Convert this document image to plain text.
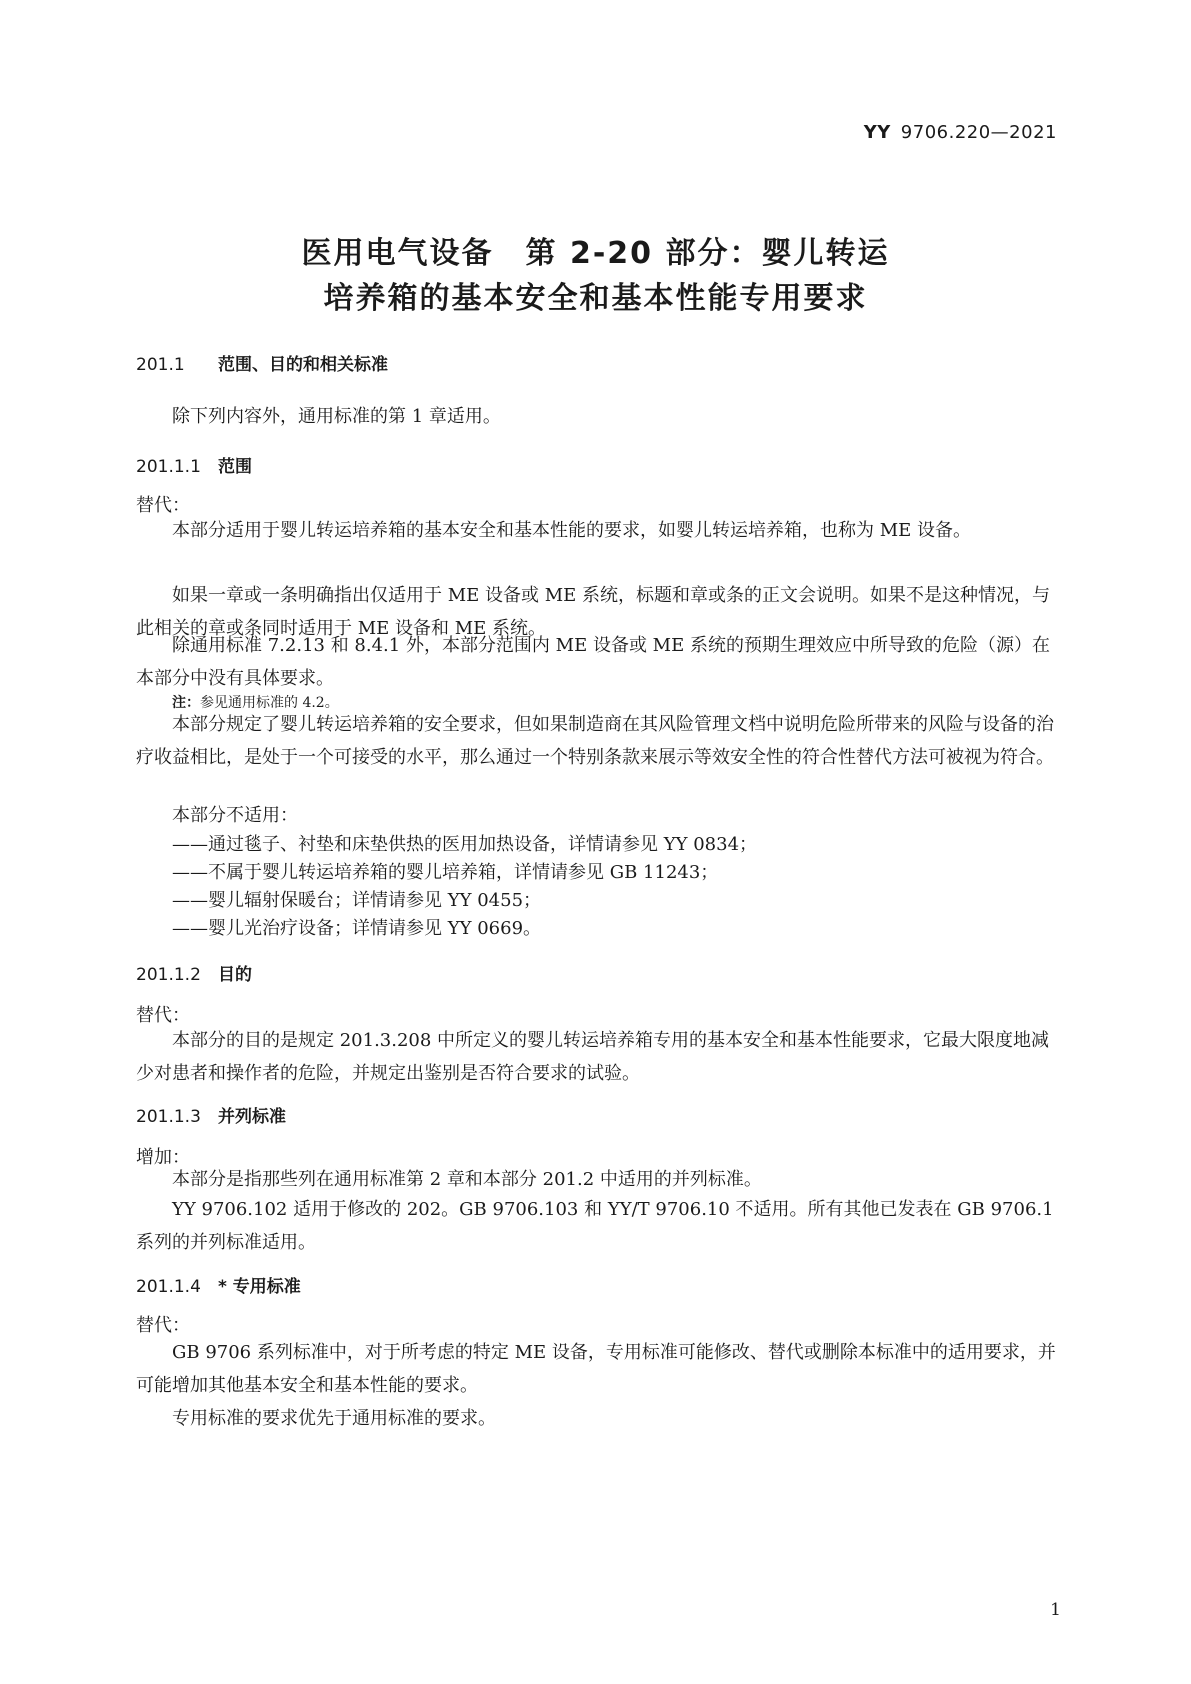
YY 9706.220—2021
医用电气设备　第 2-20 部分：婴儿转运
培养箱的基本安全和基本性能专用要求
201.1 范围、目的和相关标准
除下列内容外，通用标准的第 1 章适用。
201.1.1 范围
替代：
本部分适用于婴儿转运培养箱的基本安全和基本性能的要求，如婴儿转运培养箱，也称为 ME 设备。
如果一章或一条明确指出仅适用于 ME 设备或 ME 系统，标题和章或条的正文会说明。如果不是这种情况，与此相关的章或条同时适用于 ME 设备和 ME 系统。
除通用标准 7.2.13 和 8.4.1 外，本部分范围内 ME 设备或 ME 系统的预期生理效应中所导致的危险（源）在本部分中没有具体要求。
注：参见通用标准的 4.2。
本部分规定了婴儿转运培养箱的安全要求，但如果制造商在其风险管理文档中说明危险所带来的风险与设备的治疗收益相比，是处于一个可接受的水平，那么通过一个特别条款来展示等效安全性的符合性替代方法可被视为符合。
本部分不适用：
——通过毯子、衬垫和床垫供热的医用加热设备，详情请参见 YY 0834；
——不属于婴儿转运培养箱的婴儿培养箱，详情请参见 GB 11243；
——婴儿辐射保暖台；详情请参见 YY 0455；
——婴儿光治疗设备；详情请参见 YY 0669。
201.1.2 目的
替代：
本部分的目的是规定 201.3.208 中所定义的婴儿转运培养箱专用的基本安全和基本性能要求，它最大限度地减少对患者和操作者的危险，并规定出鉴别是否符合要求的试验。
201.1.3 并列标准
增加：
本部分是指那些列在通用标准第 2 章和本部分 201.2 中适用的并列标准。
YY 9706.102 适用于修改的 202。GB 9706.103 和 YY/T 9706.10 不适用。所有其他已发表在 GB 9706.1 系列的并列标准适用。
201.1.4 * 专用标准
替代：
GB 9706 系列标准中，对于所考虑的特定 ME 设备，专用标准可能修改、替代或删除本标准中的适用要求，并可能增加其他基本安全和基本性能的要求。
专用标准的要求优先于通用标准的要求。
1
